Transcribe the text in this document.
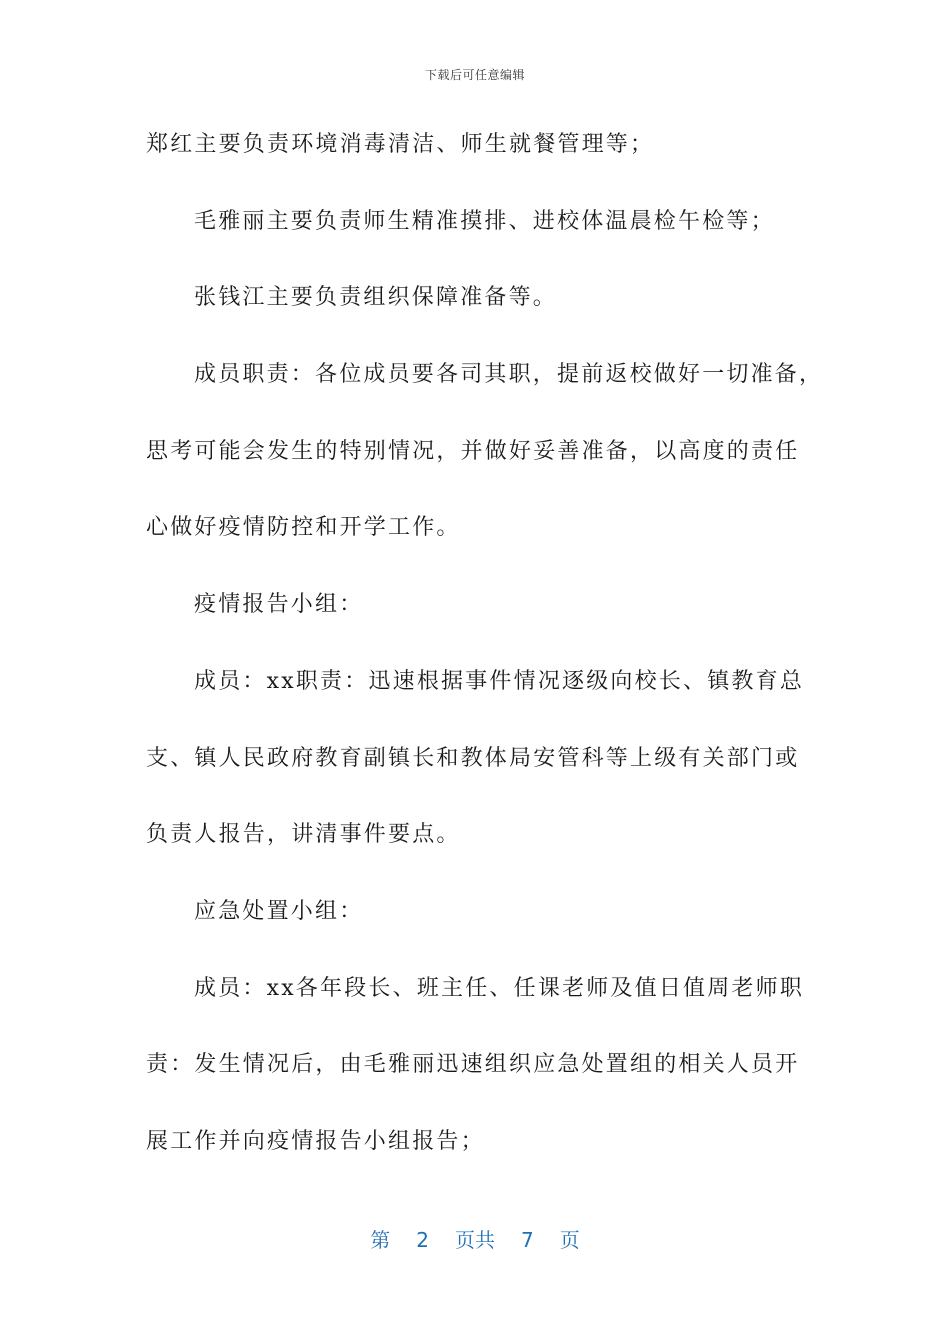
下载后可任意编辑
郑红主要负责环境消毒清洁、师生就餐管理等；
毛雅丽主要负责师生精准摸排、进校体温晨检午检等；
张钱江主要负责组织保障准备等。
成员职责：各位成员要各司其职，提前返校做好一切准备，
思考可能会发生的特别情况，并做好妥善准备，以高度的责任
心做好疫情防控和开学工作。
疫情报告小组：
成员：xx职责：迅速根据事件情况逐级向校长、镇教育总
支、镇人民政府教育副镇长和教体局安管科等上级有关部门或
负责人报告，讲清事件要点。
应急处置小组：
成员：xx各年段长、班主任、任课老师及值日值周老师职
责：发生情况后，由毛雅丽迅速组织应急处置组的相关人员开
展工作并向疫情报告小组报告；
第 2 页共 7 页
